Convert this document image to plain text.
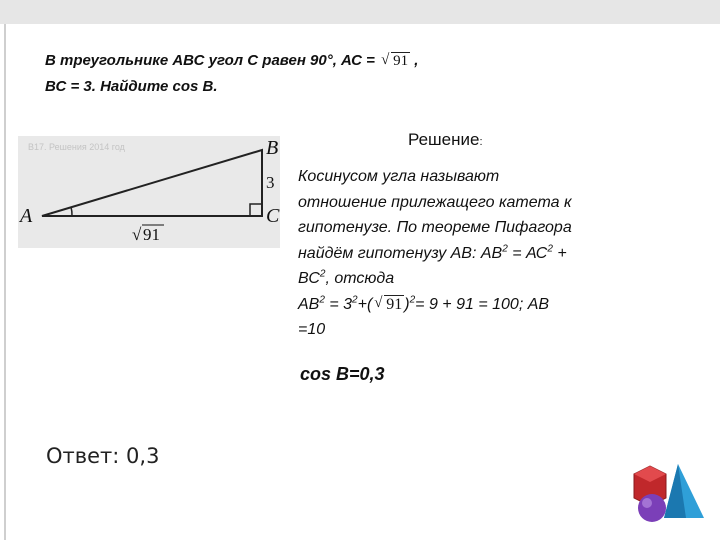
В треугольнике АВС угол С равен 90°, АС = √ 91 ,
ВС = 3. Найдите cos В.
В17. Решения 2014 год
A
B
C
3
√ 91
Решение:
Косинусом угла называют
отношение прилежащего катета к
гипотенузе. По теореме Пифагора
найдём гипотенузу АВ: $АВ^2 = АС^2$ +
$ВС^2$, отсюда
$АВ^2 = 3^2+$( √ 91 )$^2$= 9 + 91 = 100; АВ
=10
cos B=0,3
Ответ: 0,3
